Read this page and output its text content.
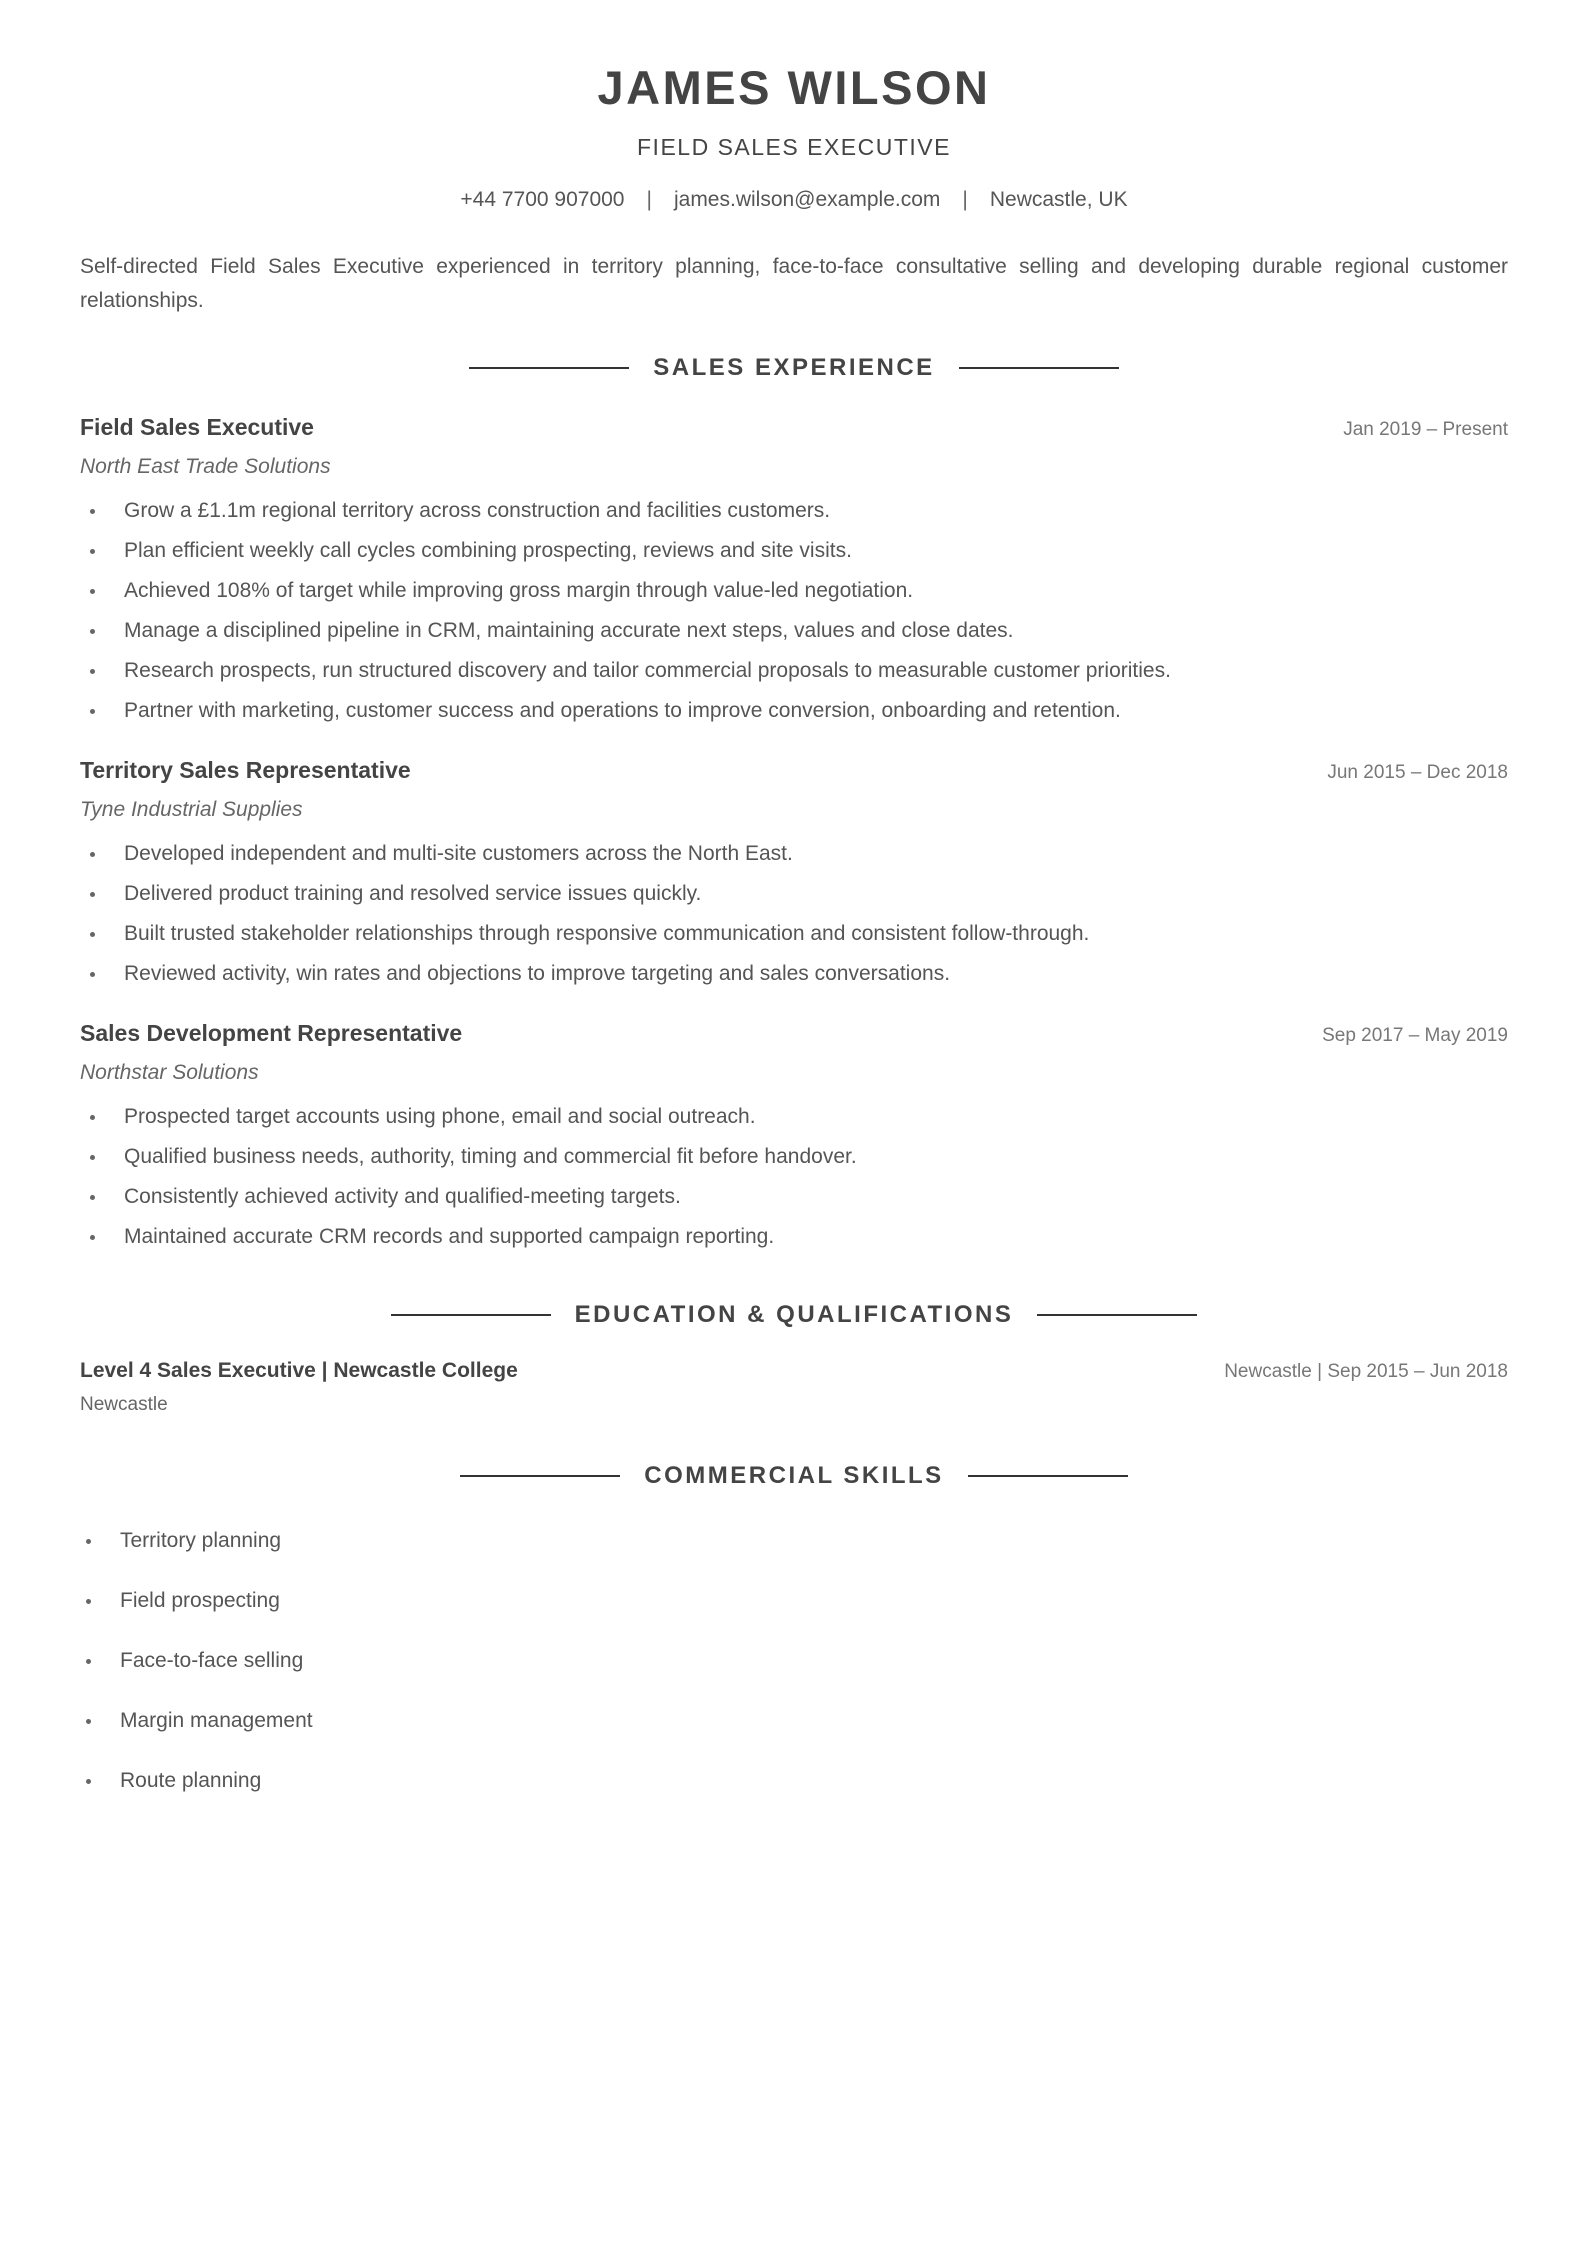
JAMES WILSON
FIELD SALES EXECUTIVE
+44 7700 907000 | james.wilson@example.com | Newcastle, UK
Self-directed Field Sales Executive experienced in territory planning, face-to-face consultative selling and developing durable regional customer relationships.
SALES EXPERIENCE
Field Sales Executive	Jan 2019 – Present
North East Trade Solutions
Grow a £1.1m regional territory across construction and facilities customers.
Plan efficient weekly call cycles combining prospecting, reviews and site visits.
Achieved 108% of target while improving gross margin through value-led negotiation.
Manage a disciplined pipeline in CRM, maintaining accurate next steps, values and close dates.
Research prospects, run structured discovery and tailor commercial proposals to measurable customer priorities.
Partner with marketing, customer success and operations to improve conversion, onboarding and retention.
Territory Sales Representative	Jun 2015 – Dec 2018
Tyne Industrial Supplies
Developed independent and multi-site customers across the North East.
Delivered product training and resolved service issues quickly.
Built trusted stakeholder relationships through responsive communication and consistent follow-through.
Reviewed activity, win rates and objections to improve targeting and sales conversations.
Sales Development Representative	Sep 2017 – May 2019
Northstar Solutions
Prospected target accounts using phone, email and social outreach.
Qualified business needs, authority, timing and commercial fit before handover.
Consistently achieved activity and qualified-meeting targets.
Maintained accurate CRM records and supported campaign reporting.
EDUCATION & QUALIFICATIONS
Level 4 Sales Executive | Newcastle College	Newcastle | Sep 2015 – Jun 2018
Newcastle
COMMERCIAL SKILLS
Territory planning
Field prospecting
Face-to-face selling
Margin management
Route planning
